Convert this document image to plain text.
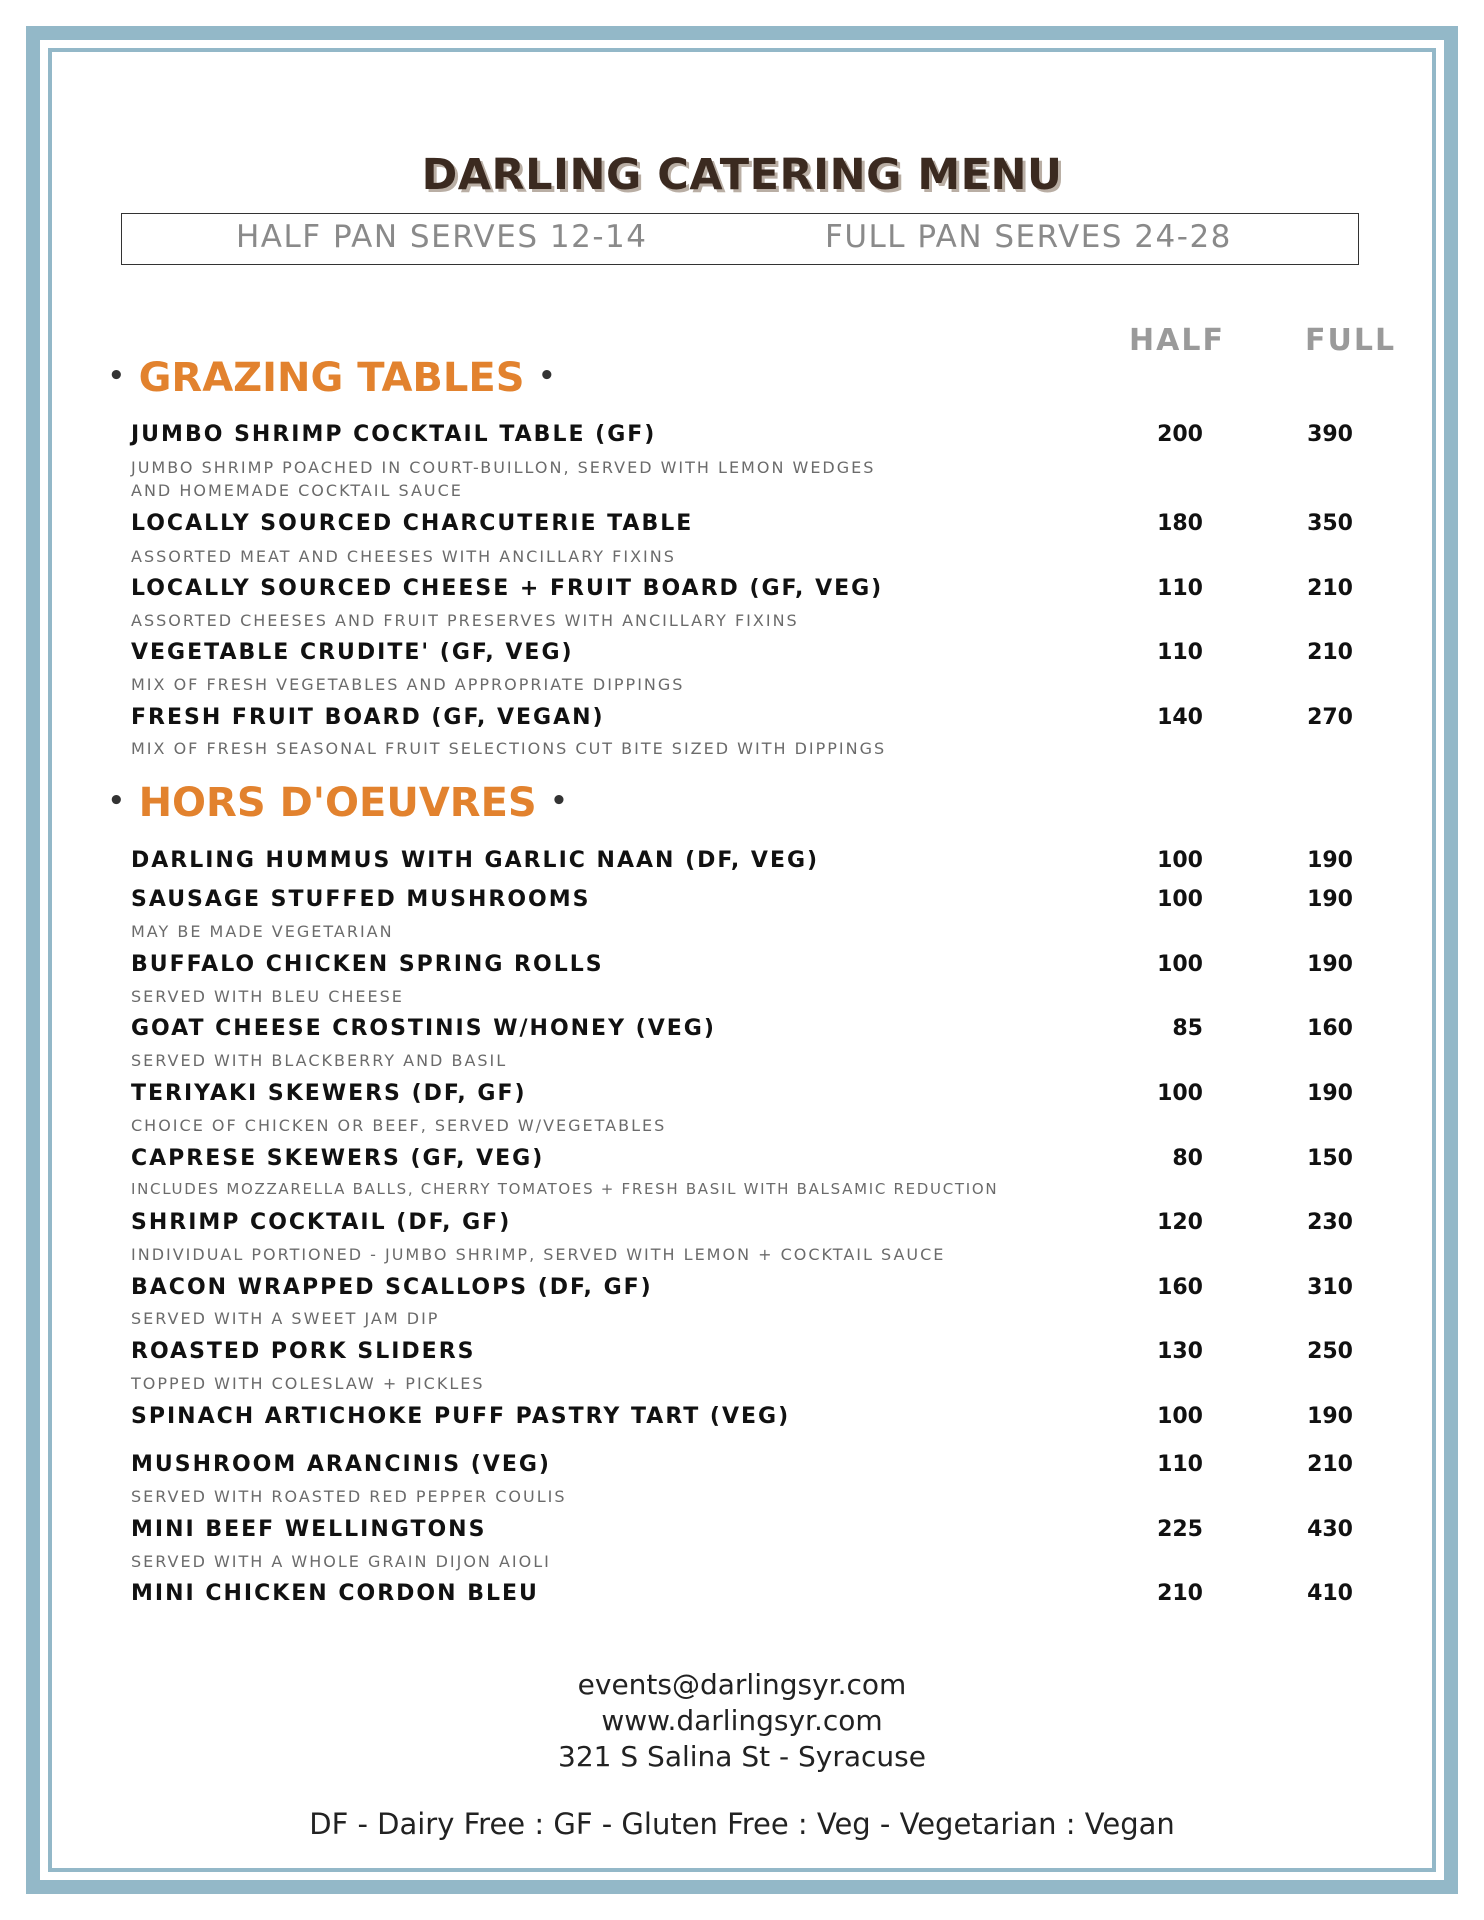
DARLING CATERING MENU
HALF PAN SERVES 12-14	FULL PAN SERVES 24-28
HALF	FULL
• GRAZING TABLES •
• HORS D'OEUVRES •
JUMBO SHRIMP COCKTAIL TABLE (GF)
JUMBO SHRIMP POACHED IN COURT-BUILLON, SERVED WITH LEMON WEDGES
AND HOMEMADE COCKTAIL SAUCE
200	390
LOCALLY SOURCED CHARCUTERIE TABLE
ASSORTED MEAT AND CHEESES WITH ANCILLARY FIXINS
180	350
LOCALLY SOURCED CHEESE + FRUIT BOARD (GF, VEG)
ASSORTED CHEESES AND FRUIT PRESERVES WITH ANCILLARY FIXINS
110	210
VEGETABLE CRUDITE' (GF, VEG)
MIX OF FRESH VEGETABLES AND APPROPRIATE DIPPINGS
110	210
FRESH FRUIT BOARD (GF, VEGAN)
MIX OF FRESH SEASONAL FRUIT SELECTIONS CUT BITE SIZED WITH DIPPINGS
140	270
DARLING HUMMUS WITH GARLIC NAAN (DF, VEG)	100	190
SAUSAGE STUFFED MUSHROOMS
MAY BE MADE VEGETARIAN
100	190
BUFFALO CHICKEN SPRING ROLLS
SERVED WITH BLEU CHEESE
100	190
GOAT CHEESE CROSTINIS W/HONEY (VEG)
SERVED WITH BLACKBERRY AND BASIL
85	160
TERIYAKI SKEWERS (DF, GF)
CHOICE OF CHICKEN OR BEEF, SERVED W/VEGETABLES
100	190
CAPRESE SKEWERS (GF, VEG)
INCLUDES MOZZARELLA BALLS, CHERRY TOMATOES + FRESH BASIL WITH BALSAMIC REDUCTION
80	150
SHRIMP COCKTAIL (DF, GF)
INDIVIDUAL PORTIONED - JUMBO SHRIMP, SERVED WITH LEMON + COCKTAIL SAUCE
120	230
BACON WRAPPED SCALLOPS (DF, GF)
SERVED WITH A SWEET JAM DIP
160	310
ROASTED PORK SLIDERS
TOPPED WITH COLESLAW + PICKLES
130	250
SPINACH ARTICHOKE PUFF PASTRY TART (VEG)	100	190
MUSHROOM ARANCINIS (VEG)
SERVED WITH ROASTED RED PEPPER COULIS
110	210
MINI BEEF WELLINGTONS
SERVED WITH A WHOLE GRAIN DIJON AIOLI
225	430
MINI CHICKEN CORDON BLEU	210	410
events@darlingsyr.com
www.darlingsyr.com
321 S Salina St - Syracuse
DF - Dairy Free : GF - Gluten Free : Veg - Vegetarian : Vegan
